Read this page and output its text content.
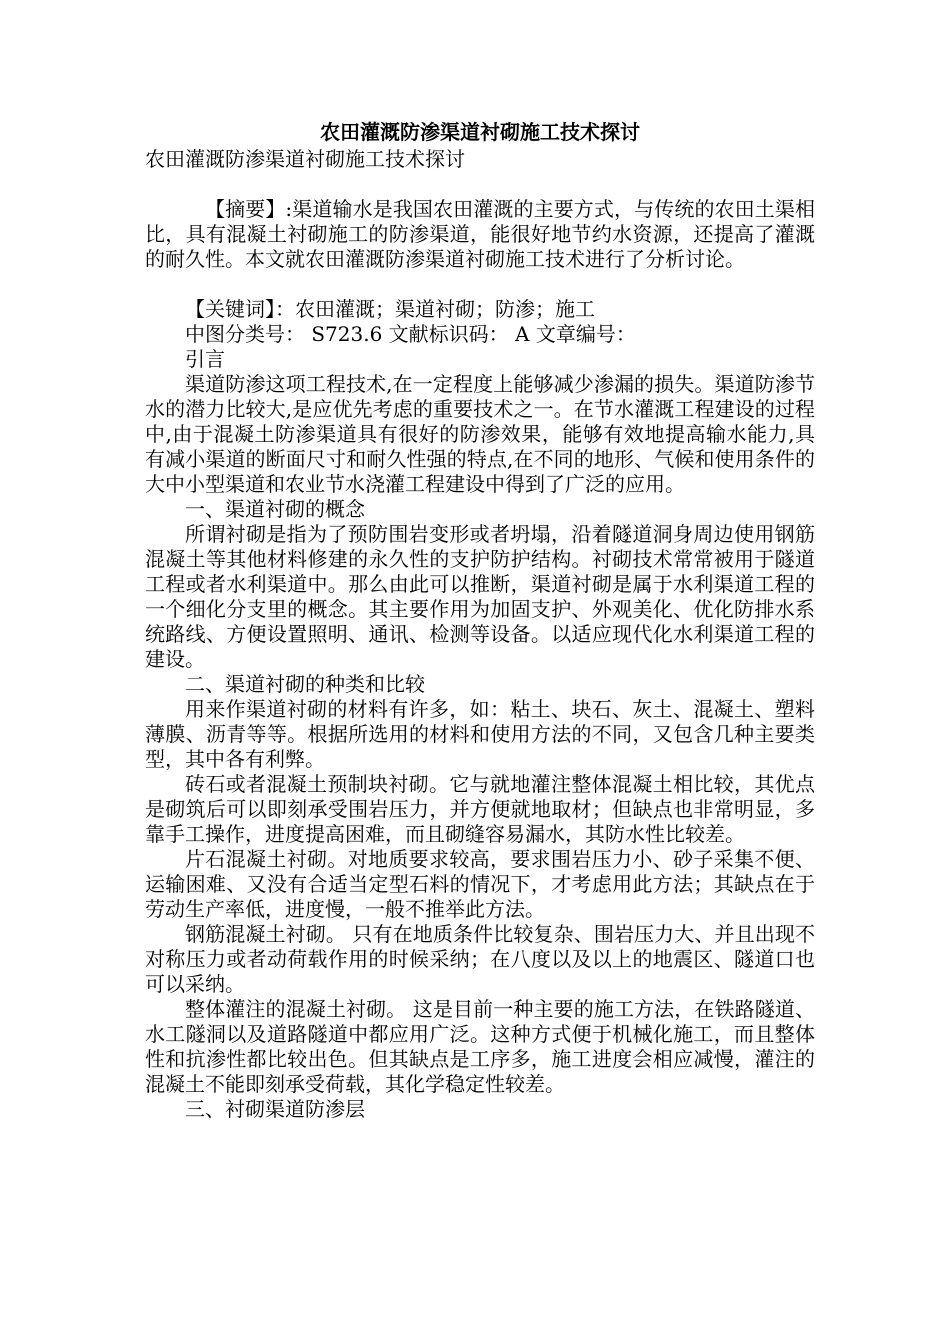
农田灌溉防渗渠道衬砌施工技术探讨
农田灌溉防渗渠道衬砌施工技术探讨
【摘要】:渠道输水是我国农田灌溉的主要方式，与传统的农田土渠相比，具有混凝土衬砌施工的防渗渠道，能很好地节约水资源，还提高了灌溉的耐久性。本文就农田灌溉防渗渠道衬砌施工技术进行了分析讨论。
【关键词】：农田灌溉；渠道衬砌；防渗；施工
中图分类号： S723.6 文献标识码： A 文章编号：
引言
渠道防渗这项工程技术,在一定程度上能够减少渗漏的损失。渠道防渗节水的潜力比较大,是应优先考虑的重要技术之一。在节水灌溉工程建设的过程中,由于混凝土防渗渠道具有很好的防渗效果，能够有效地提高输水能力,具有减小渠道的断面尺寸和耐久性强的特点,在不同的地形、气候和使用条件的大中小型渠道和农业节水浇灌工程建设中得到了广泛的应用。
一、渠道衬砌的概念
所谓衬砌是指为了预防围岩变形或者坍塌，沿着隧道洞身周边使用钢筋混凝土等其他材料修建的永久性的支护防护结构。衬砌技术常常被用于隧道工程或者水利渠道中。那么由此可以推断，渠道衬砌是属于水利渠道工程的一个细化分支里的概念。其主要作用为加固支护、外观美化、优化防排水系统路线、方便设置照明、通讯、检测等设备。以适应现代化水利渠道工程的建设。
二、渠道衬砌的种类和比较
用来作渠道衬砌的材料有许多，如：粘土、块石、灰土、混凝土、塑料薄膜、沥青等等。根据所选用的材料和使用方法的不同，又包含几种主要类型，其中各有利弊。
砖石或者混凝土预制块衬砌。它与就地灌注整体混凝土相比较，其优点是砌筑后可以即刻承受围岩压力，并方便就地取材；但缺点也非常明显，多靠手工操作，进度提高困难，而且砌缝容易漏水，其防水性比较差。
片石混凝土衬砌。对地质要求较高，要求围岩压力小、砂子采集不便、运输困难、又没有合适当定型石料的情况下，才考虑用此方法；其缺点在于劳动生产率低，进度慢，一般不推举此方法。
钢筋混凝土衬砌。 只有在地质条件比较复杂、围岩压力大、并且出现不对称压力或者动荷载作用的时候采纳；在八度以及以上的地震区、隧道口也可以采纳。
整体灌注的混凝土衬砌。 这是目前一种主要的施工方法，在铁路隧道、水工隧洞以及道路隧道中都应用广泛。这种方式便于机械化施工，而且整体性和抗渗性都比较出色。但其缺点是工序多，施工进度会相应减慢，灌注的混凝土不能即刻承受荷载，其化学稳定性较差。
三、衬砌渠道防渗层
